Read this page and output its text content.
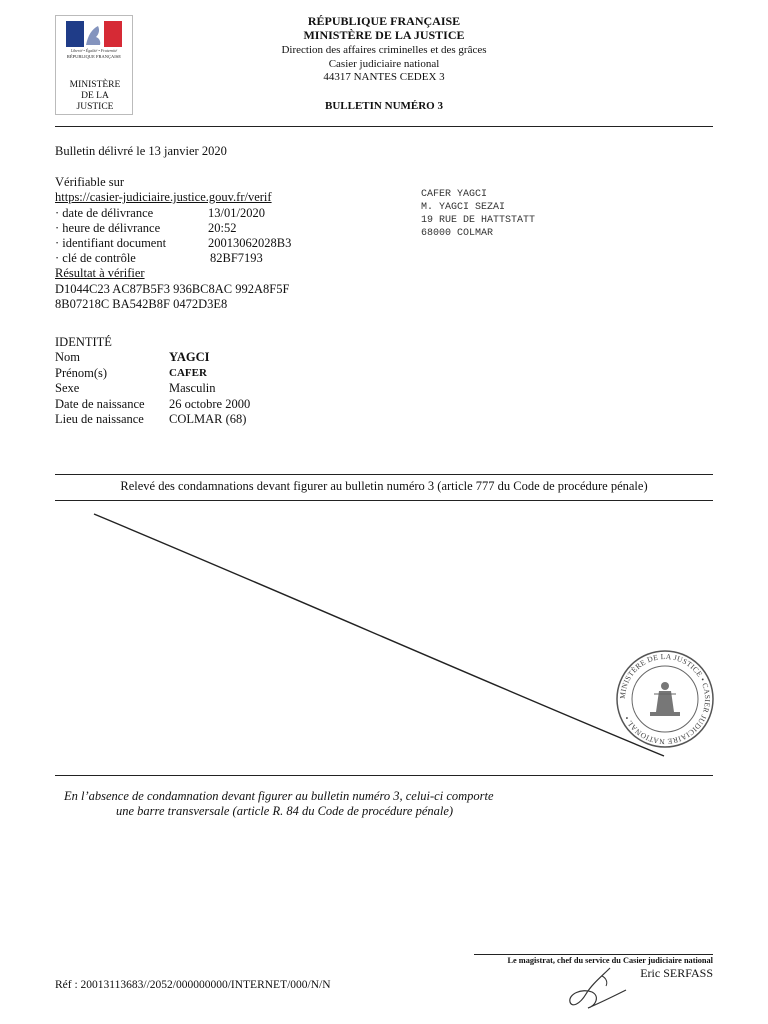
Liberté • Égalité • Fraternité
RÉPUBLIQUE FRANÇAISE
MINISTÈRE DE LA JUSTICE
RÉPUBLIQUE FRANÇAISE
MINISTÈRE DE LA JUSTICE
Direction des affaires criminelles et des grâces
Casier judiciaire national
44317 NANTES CEDEX 3
BULLETIN NUMÉRO 3
Bulletin délivré le 13 janvier 2020
Vérifiable sur
https://casier-judiciaire.justice.gouv.fr/verif
· date de délivrance	13/01/2020
· heure de délivrance	20:52
· identifiant document	20013062028B3
· clé de contrôle	82BF7193
Résultat à vérifier
D1044C23 AC87B5F3 936BC8AC 992A8F5F
8B07218C BA542B8F 0472D3E8
CAFER YAGCI
M. YAGCI SEZAI
19 RUE DE HATTSTATT
68000 COLMAR
IDENTITÉ
Nom	YAGCI
Prénom(s)	CAFER
Sexe	Masculin
Date de naissance 26 octobre 2000
Lieu de naissance COLMAR (68)
Relevé des condamnations devant figurer au bulletin numéro 3 (article 777 du Code de procédure pénale)
MINISTÈRE DE LA JUSTICE • CASIER JUDICIAIRE NATIONAL •
En l’absence de condamnation devant figurer au bulletin numéro 3, celui-ci comporte
une barre transversale (article R. 84 du Code de procédure pénale)
Le magistrat, chef du service du Casier judiciaire national
Eric SERFASS
Réf : 20013113683//2052/000000000/INTERNET/000/N/N
